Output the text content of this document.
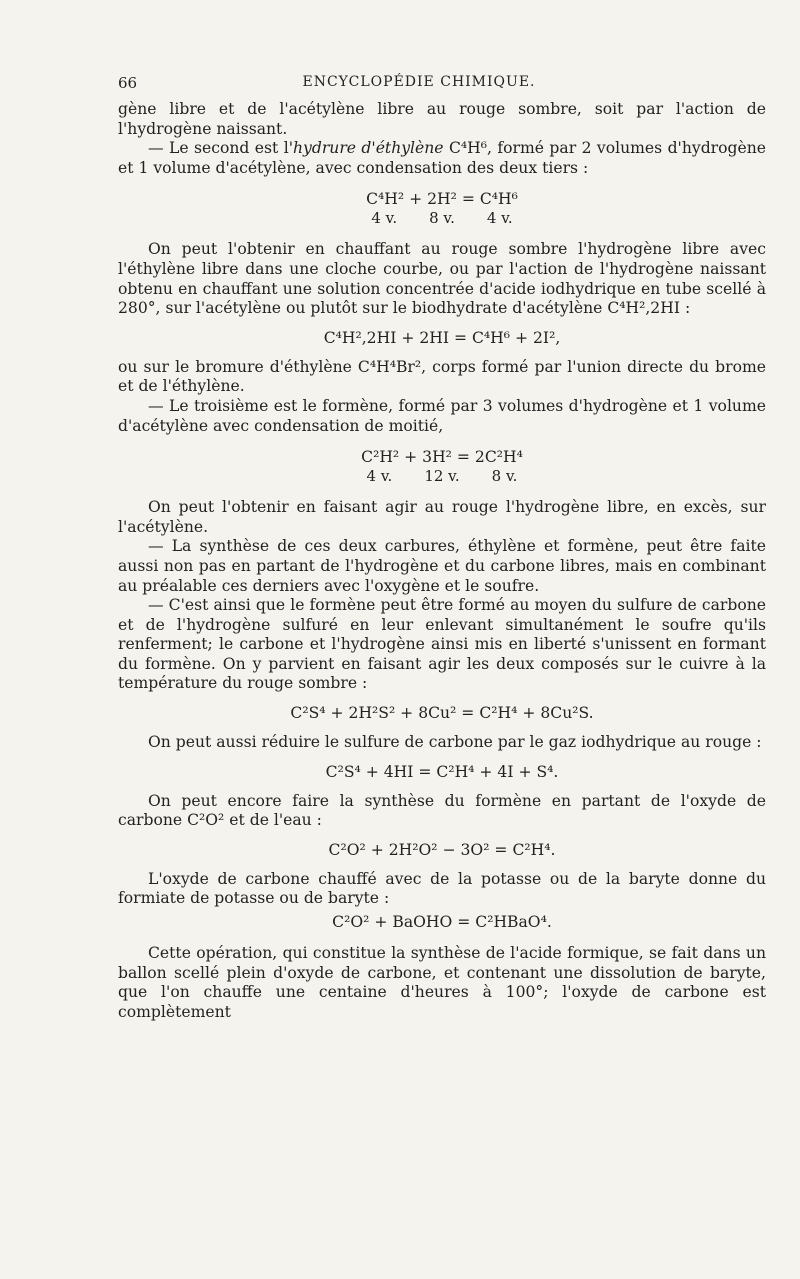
66	ENCYCLOPÉDIE CHIMIQUE.

gène libre et de l'acétylène libre au rouge sombre, soit par l'action de l'hydrogène naissant.

— Le second est l'hydrure d'éthylène C⁴H⁶, formé par 2 volumes d'hydrogène et 1 volume d'acétylène, avec condensation des deux tiers :

C⁴H² + 2H² = C⁴H⁶
4 v. 8 v. 4 v.

On peut l'obtenir en chauffant au rouge sombre l'hydrogène libre avec l'éthylène libre dans une cloche courbe, ou par l'action de l'hydrogène naissant obtenu en chauffant une solution concentrée d'acide iodhydrique en tube scellé à 280°, sur l'acétylène ou plutôt sur le biodhydrate d'acétylène C⁴H²,2HI :

C⁴H²,2HI + 2HI = C⁴H⁶ + 2I²,

ou sur le bromure d'éthylène C⁴H⁴Br², corps formé par l'union directe du brome et de l'éthylène.

— Le troisième est le formène, formé par 3 volumes d'hydrogène et 1 volume d'acétylène avec condensation de moitié,

C²H² + 3H² = 2C²H⁴
4 v. 12 v. 8 v.

On peut l'obtenir en faisant agir au rouge l'hydrogène libre, en excès, sur l'acétylène.

— La synthèse de ces deux carbures, éthylène et formène, peut être faite aussi non pas en partant de l'hydrogène et du carbone libres, mais en combinant au préalable ces derniers avec l'oxygène et le soufre.

— C'est ainsi que le formène peut être formé au moyen du sulfure de carbone et de l'hydrogène sulfuré en leur enlevant simultanément le soufre qu'ils renferment; le carbone et l'hydrogène ainsi mis en liberté s'unissent en formant du formène. On y parvient en faisant agir les deux composés sur le cuivre à la température du rouge sombre :

C²S⁴ + 2H²S² + 8Cu² = C²H⁴ + 8Cu²S.

On peut aussi réduire le sulfure de carbone par le gaz iodhydrique au rouge :

C²S⁴ + 4HI = C²H⁴ + 4I + S⁴.

On peut encore faire la synthèse du formène en partant de l'oxyde de carbone C²O² et de l'eau :

C²O² + 2H²O² − 3O² = C²H⁴.

L'oxyde de carbone chauffé avec de la potasse ou de la baryte donne du formiate de potasse ou de baryte :

C²O² + BaOHO = C²HBaO⁴.

Cette opération, qui constitue la synthèse de l'acide formique, se fait dans un ballon scellé plein d'oxyde de carbone, et contenant une dissolution de baryte, que l'on chauffe une centaine d'heures à 100°; l'oxyde de carbone est complètement
